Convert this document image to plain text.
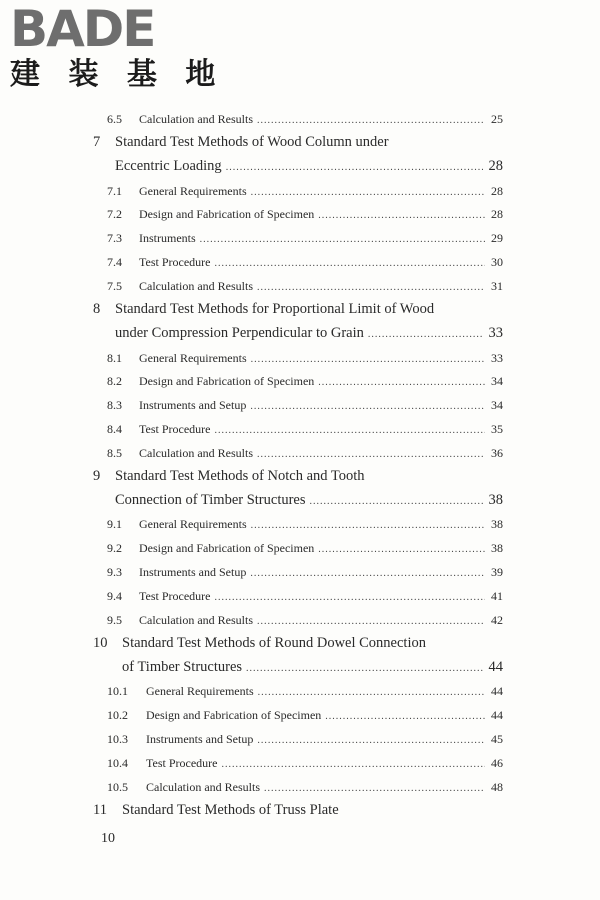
BADE
建 装 基 地
6.5	Calculation and Results .....	25
7	Standard Test Methods of Wood Column under
Eccentric Loading .....	28
7.1	General Requirements .....	28
7.2	Design and Fabrication of Specimen .....	28
7.3	Instruments .....	29
7.4	Test Procedure .....	30
7.5	Calculation and Results .....	31
8	Standard Test Methods for Proportional Limit of Wood
under Compression Perpendicular to Grain .....	33
8.1	General Requirements .....	33
8.2	Design and Fabrication of Specimen .....	34
8.3	Instruments and Setup .....	34
8.4	Test Procedure .....	35
8.5	Calculation and Results .....	36
9	Standard Test Methods of Notch and Tooth
Connection of Timber Structures .....	38
9.1	General Requirements .....	38
9.2	Design and Fabrication of Specimen .....	38
9.3	Instruments and Setup .....	39
9.4	Test Procedure .....	41
9.5	Calculation and Results .....	42
10	Standard Test Methods of Round Dowel Connection
of Timber Structures .....	44
10.1	General Requirements .....	44
10.2	Design and Fabrication of Specimen .....	44
10.3	Instruments and Setup .....	45
10.4	Test Procedure .....	46
10.5	Calculation and Results .....	48
11	Standard Test Methods of Truss Plate
10
